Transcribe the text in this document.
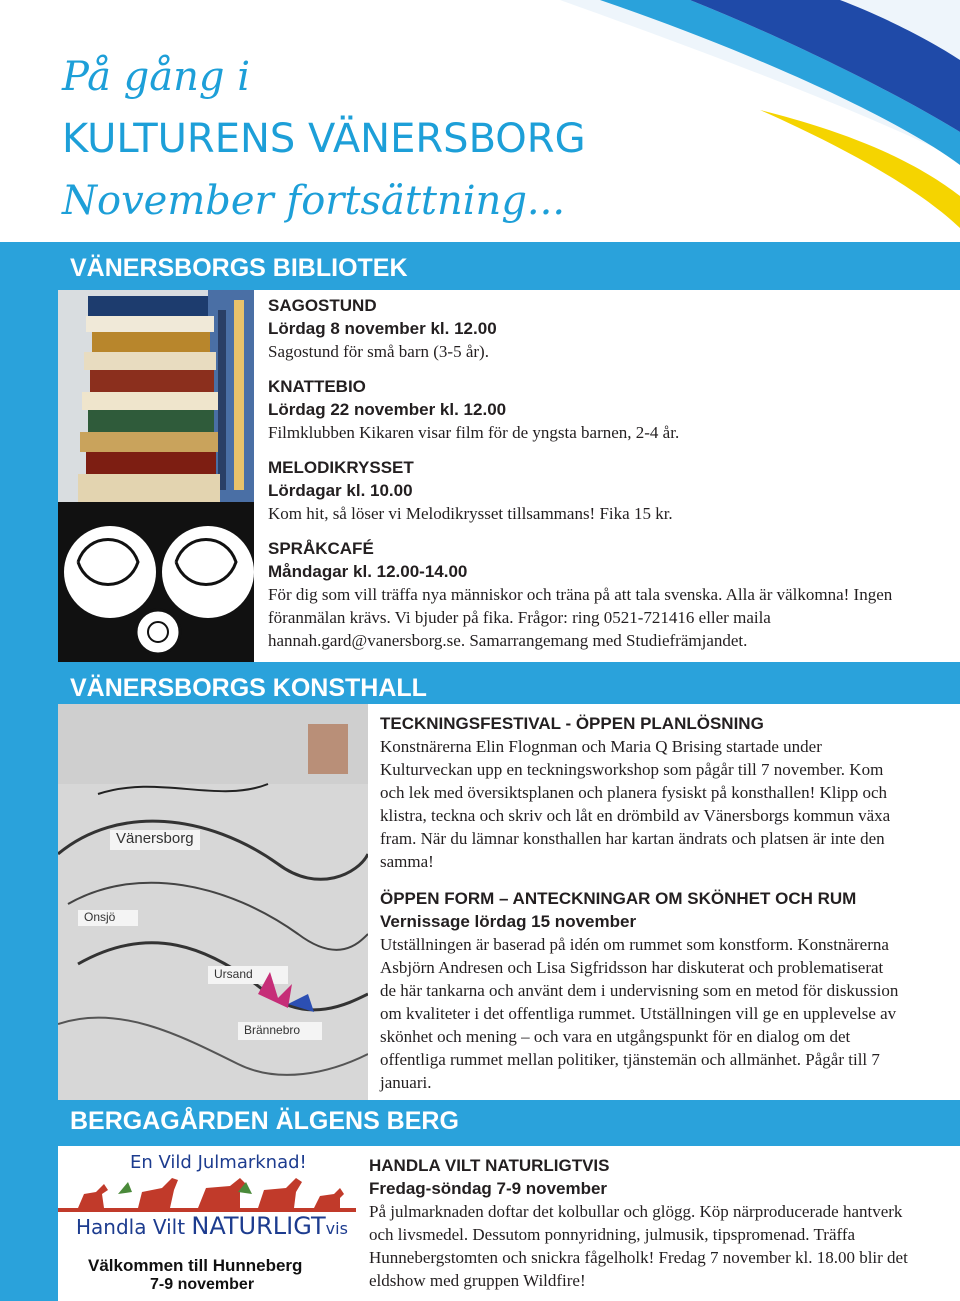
På gång i
KULTURENS VÄNERSBORG
November fortsättning...
VÄNERSBORGS BIBLIOTEK
SAGOSTUND
Lördag 8 november kl. 12.00
Sagostund för små barn (3-5 år).
KNATTEBIO
Lördag 22 november kl. 12.00
Filmklubben Kikaren visar film för de yngsta barnen, 2-4 år.
MELODIKRYSSET
Lördagar kl. 10.00
Kom hit, så löser vi Melodikrysset tillsammans! Fika 15 kr.
SPRÅKCAFÉ
Måndagar kl. 12.00-14.00
För dig som vill träffa nya människor och träna på att tala svenska. Alla är välkomna! Ingen föranmälan krävs. Vi bjuder på fika. Frågor: ring 0521-721416 eller maila hannah.gard@vanersborg.se. Samarrangemang med Studiefrämjandet.
VÄNERSBORGS KONSTHALL
Vänersborg
Ursand
Brännebro
Onsjö
TECKNINGSFESTIVAL - ÖPPEN PLANLÖSNING
Konstnärerna Elin Flognman och Maria Q Brising startade under Kulturveckan upp en teckningsworkshop som pågår till 7 november. Kom och lek med översiktsplanen och planera fysiskt på konsthallen! Klipp och klistra, teckna och skriv och låt en drömbild av Vänersborgs kommun växa fram. När du lämnar konsthallen har kartan ändrats och platsen är inte den samma!
ÖPPEN FORM – ANTECKNINGAR OM SKÖNHET OCH RUM
Vernissage lördag 15 november
Utställningen är baserad på idén om rummet som konstform. Konstnärerna Asbjörn Andresen och Lisa Sigfridsson har diskuterat och problematiserat de här tankarna och använt dem i undervisning som en metod för diskussion om kvaliteter i det offentliga rummet. Utställningen vill ge en upplevelse av skönhet och mening – och vara en utgångspunkt för en dialog om det offentliga rummet mellan politiker, tjänstemän och allmänhet. Pågår till 7 januari.
BERGAGÅRDEN ÄLGENS BERG
En Vild Julmarknad!
Handla Vilt NATURLIGTvis
Välkommen till Hunneberg
7-9 november
HANDLA VILT NATURLIGTVIS
Fredag-söndag 7-9 november
På julmarknaden doftar det kolbullar och glögg. Köp närproducerade hantverk och livsmedel. Dessutom ponnyridning, julmusik, tipspromenad. Träffa Hunnebergstomten och snickra fågelholk! Fredag 7 november kl. 18.00 blir det eldshow med gruppen Wildfire!
